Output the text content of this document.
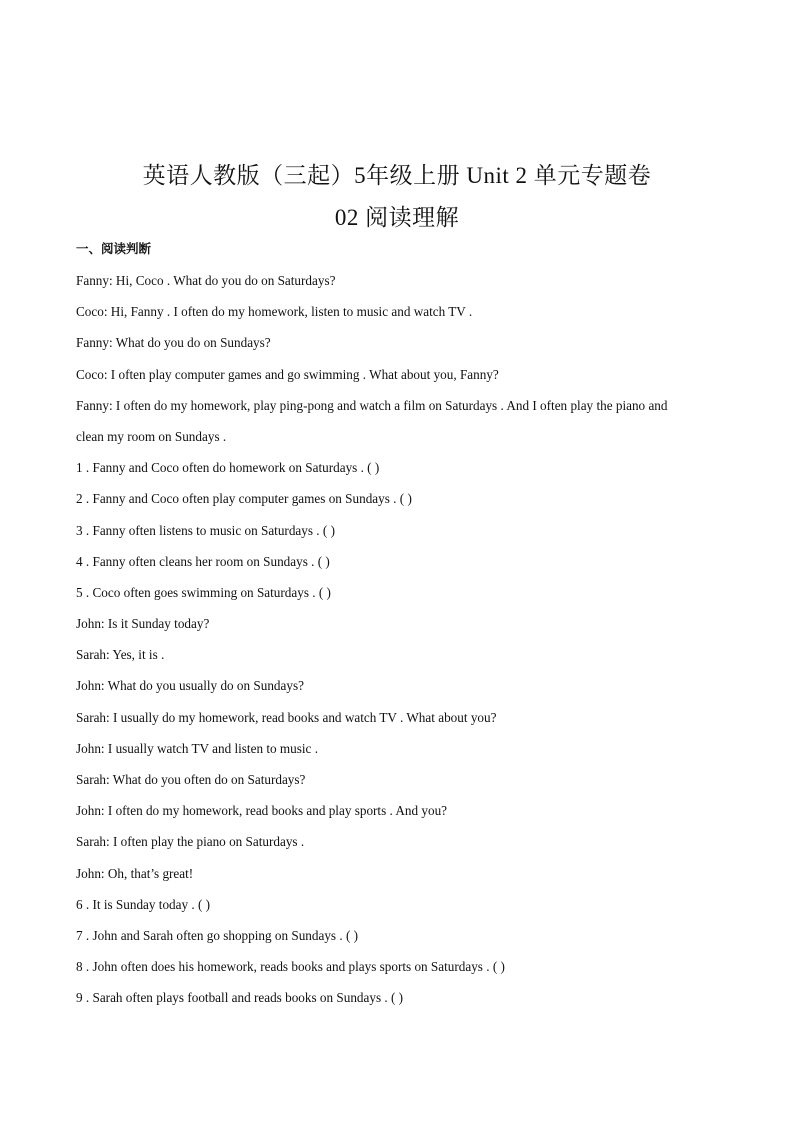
英语人教版（三起）5年级上册 Unit 2 单元专题卷
02 阅读理解
一、阅读判断
Fanny: Hi, Coco . What do you do on Saturdays?
Coco: Hi, Fanny . I often do my homework, listen to music and watch TV .
Fanny: What do you do on Sundays?
Coco: I often play computer games and go swimming . What about you, Fanny?
Fanny: I often do my homework, play ping-pong and watch a film on Saturdays . And I often play the piano and
clean my room on Sundays .
1 . Fanny and Coco often do homework on Saturdays . ( )
2 . Fanny and Coco often play computer games on Sundays . ( )
3 . Fanny often listens to music on Saturdays . ( )
4 . Fanny often cleans her room on Sundays . ( )
5 . Coco often goes swimming on Saturdays . ( )
John: Is it Sunday today?
Sarah: Yes, it is .
John: What do you usually do on Sundays?
Sarah: I usually do my homework, read books and watch TV . What about you?
John: I usually watch TV and listen to music .
Sarah: What do you often do on Saturdays?
John: I often do my homework, read books and play sports . And you?
Sarah: I often play the piano on Saturdays .
John: Oh, that’s great!
6 . It is Sunday today . ( )
7 . John and Sarah often go shopping on Sundays . ( )
8 . John often does his homework, reads books and plays sports on Saturdays . ( )
9 . Sarah often plays football and reads books on Sundays . ( )
